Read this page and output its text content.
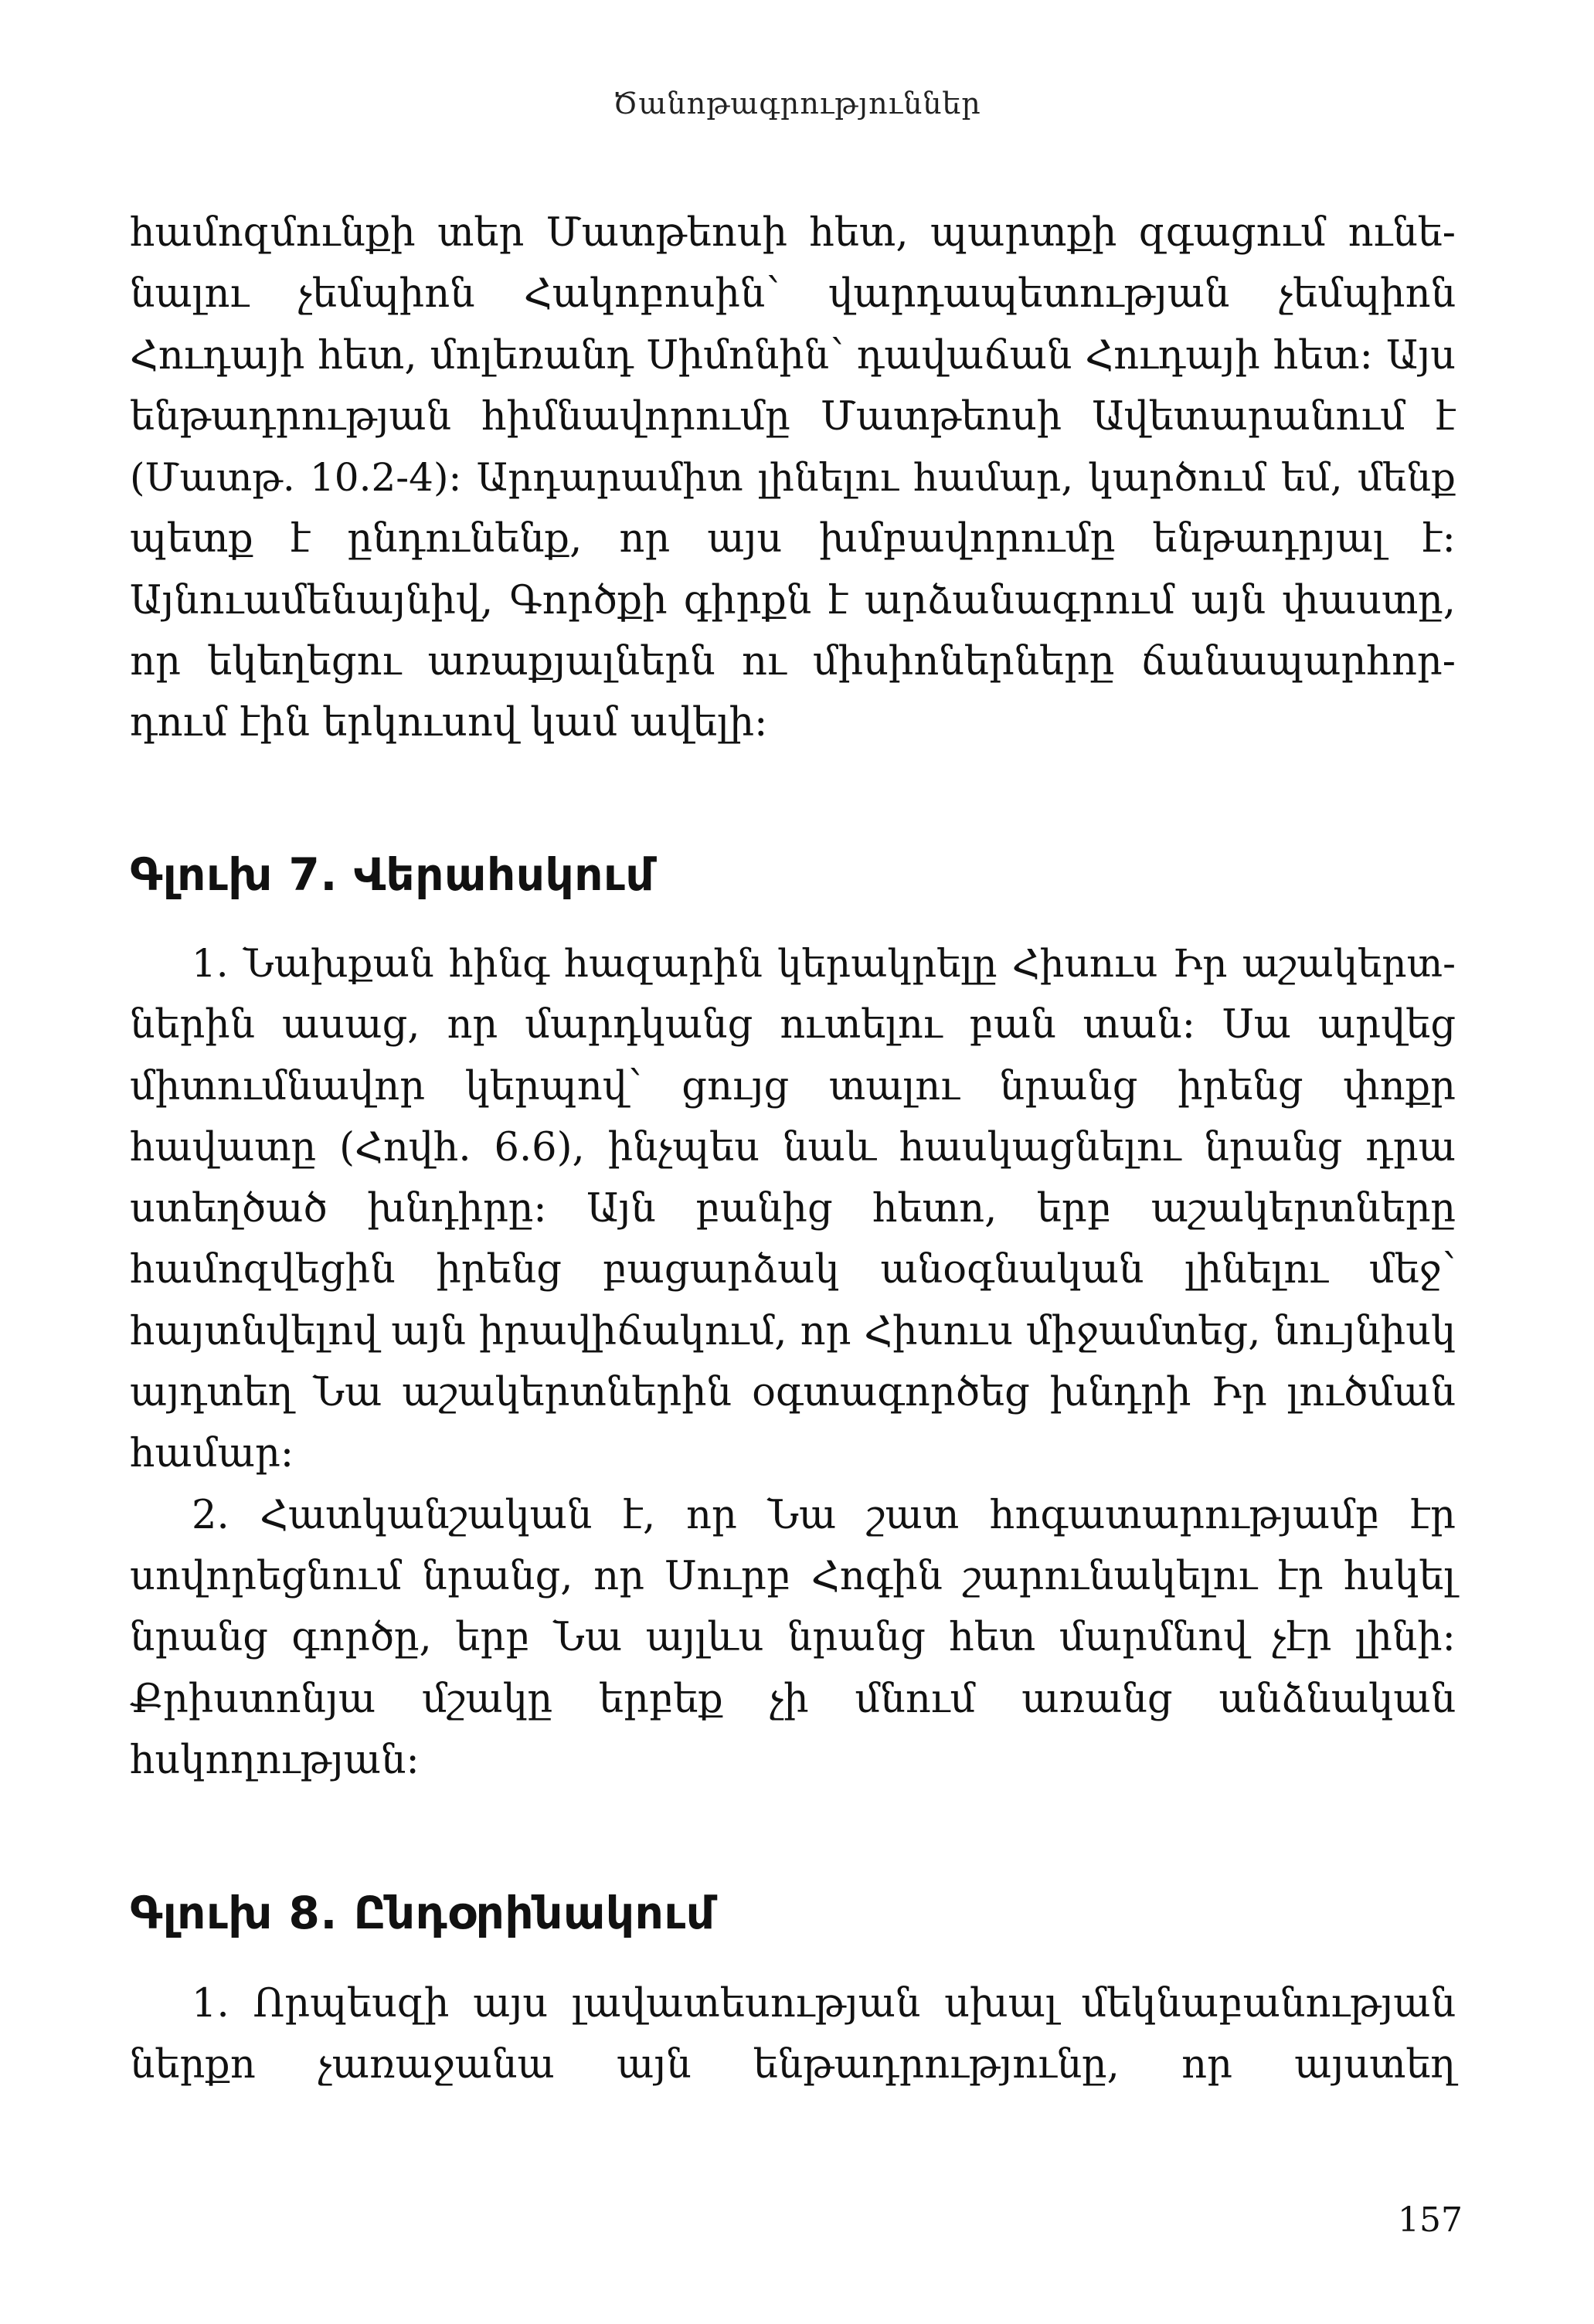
Ծանոթագրություններ
համոզմունքի տեր Մատթեոսի հետ, պարտքի զգացում ունե-
նալու չեմպիոն Հակոբոսին՝ վարդապետության չեմպիոն
Հուդայի հետ, մոլեռանդ Սիմոնին՝ դավաճան Հուդայի հետ։ Այս
ենթադրության հիմնավորումը Մատթեոսի Ավետարանում է
(Մատթ. 10.2-4)։ Արդարամիտ լինելու համար, կարծում եմ, մենք
պետք է ընդունենք, որ այս խմբավորումը ենթադրյալ է։
Այնուամենայնիվ, Գործքի գիրքն է արձանագրում այն փաստը,
որ եկեղեցու առաքյալներն ու միսիոներները ճանապարհոր-
դում էին երկուսով կամ ավելի։
Գլուխ 7. Վերահսկում
1. Նախքան հինգ հազարին կերակրելը Հիսուս Իր աշակերտ-
ներին ասաց, որ մարդկանց ուտելու բան տան։ Սա արվեց
միտումնավոր կերպով՝ ցույց տալու նրանց իրենց փոքր
հավատը (Հովհ. 6.6), ինչպես նաև հասկացնելու նրանց դրա
ստեղծած խնդիրը։ Այն բանից հետո, երբ աշակերտները
համոզվեցին իրենց բացարձակ անօգնական լինելու մեջ՝
հայտնվելով այն իրավիճակում, որ Հիսուս միջամտեց, նույնիսկ
այդտեղ Նա աշակերտներին օգտագործեց խնդրի Իր լուծման
համար։
2. Հատկանշական է, որ Նա շատ հոգատարությամբ էր
սովորեցնում նրանց, որ Սուրբ Հոգին շարունակելու էր հսկել
նրանց գործը, երբ Նա այլևս նրանց հետ մարմնով չէր լինի։
Քրիստոնյա մշակը երբեք չի մնում առանց անձնական
հսկողության։
Գլուխ 8. Ընդօրինակում
1. Որպեսզի այս լավատեսության սխալ մեկնաբանության
ներքո չառաջանա այն ենթադրությունը, որ այստեղ
157
